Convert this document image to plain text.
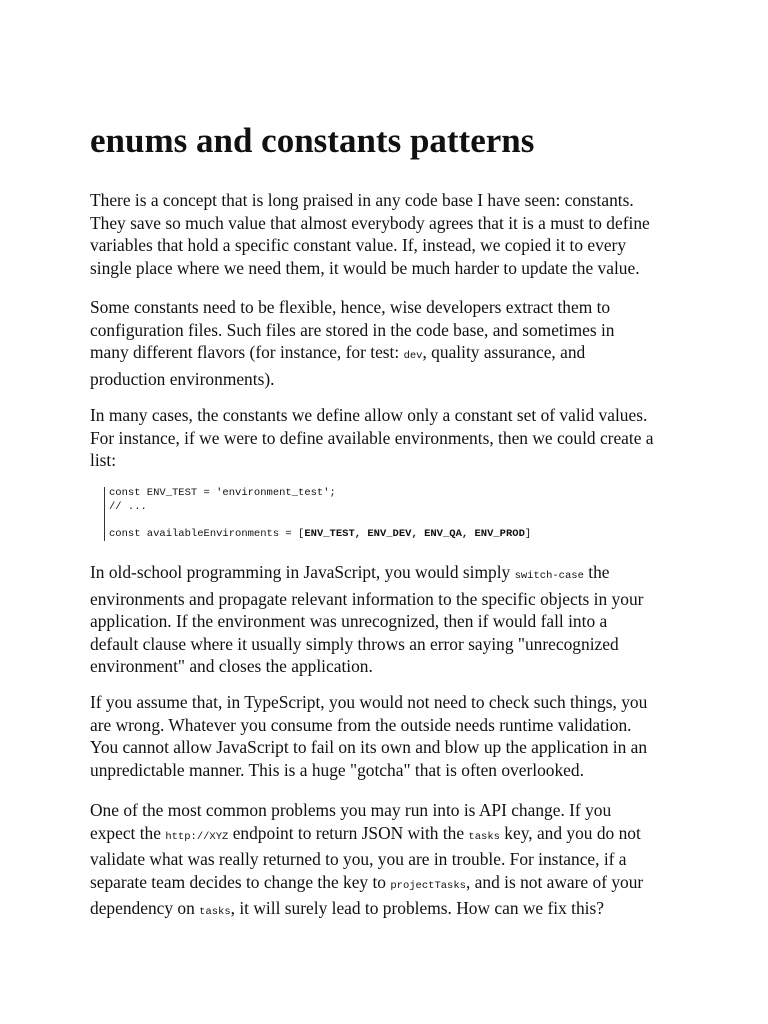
enums and constants patterns

There is a concept that is long praised in any code base I have seen: constants.
They save so much value that almost everybody agrees that it is a must to define
variables that hold a specific constant value. If, instead, we copied it to every
single place where we need them, it would be much harder to update the value.

Some constants need to be flexible, hence, wise developers extract them to
configuration files. Such files are stored in the code base, and sometimes in
many different flavors (for instance, for test: dev, quality assurance, and
production environments).

In many cases, the constants we define allow only a constant set of valid values.
For instance, if we were to define available environments, then we could create a
list:

const ENV_TEST = 'environment_test';
// ...
const availableEnvironments = [ENV_TEST, ENV_DEV, ENV_QA, ENV_PROD]

In old-school programming in JavaScript, you would simply switch-case the
environments and propagate relevant information to the specific objects in your
application. If the environment was unrecognized, then if would fall into a
default clause where it usually simply throws an error saying "unrecognized
environment" and closes the application.

If you assume that, in TypeScript, you would not need to check such things, you
are wrong. Whatever you consume from the outside needs runtime validation.
You cannot allow JavaScript to fail on its own and blow up the application in an
unpredictable manner. This is a huge "gotcha" that is often overlooked.

One of the most common problems you may run into is API change. If you
expect the http://XYZ endpoint to return JSON with the tasks key, and you do not
validate what was really returned to you, you are in trouble. For instance, if a
separate team decides to change the key to projectTasks, and is not aware of your
dependency on tasks, it will surely lead to problems. How can we fix this?
